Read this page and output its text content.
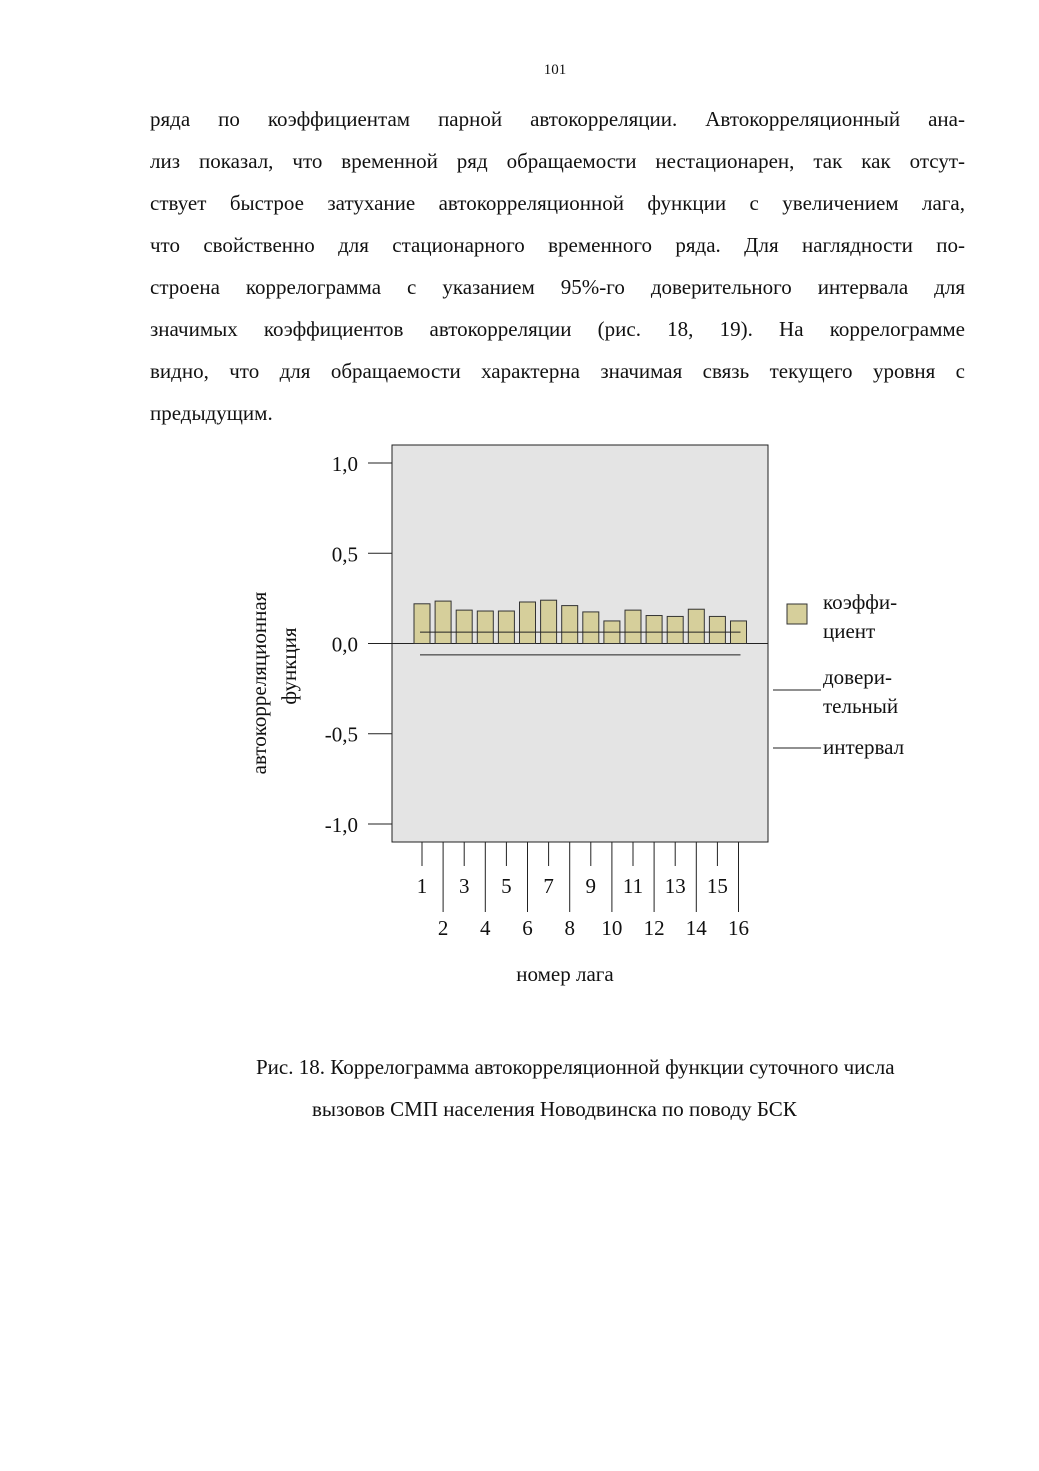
101
ряда по коэффициентам парной автокорреляции. Автокорреляционный ана-
лиз показал, что временной ряд обращаемости нестационарен, так как отсут-
ствует быстрое затухание автокорреляционной функции с увеличением лага,
что свойственно для стационарного временного ряда. Для наглядности по-
строена коррелограмма с указанием 95%-го доверительного интервала для
значимых коэффициентов автокорреляции (рис. 18, 19). На коррелограмме
видно, что для обращаемости характерна значимая связь текущего уровня с
предыдущим.
1,0
0,5
0,0
-0,5
-1,0
1
2
3
4
5
6
7
8
9
10
11
12
13
14
15
16
номер лага
автокорреляционная функция
коэффи-
циент
довери-
тельный
интервал
Рис. 18. Коррелограмма автокорреляционной функции суточного числа
вызовов СМП населения Новодвинска по поводу БСК
